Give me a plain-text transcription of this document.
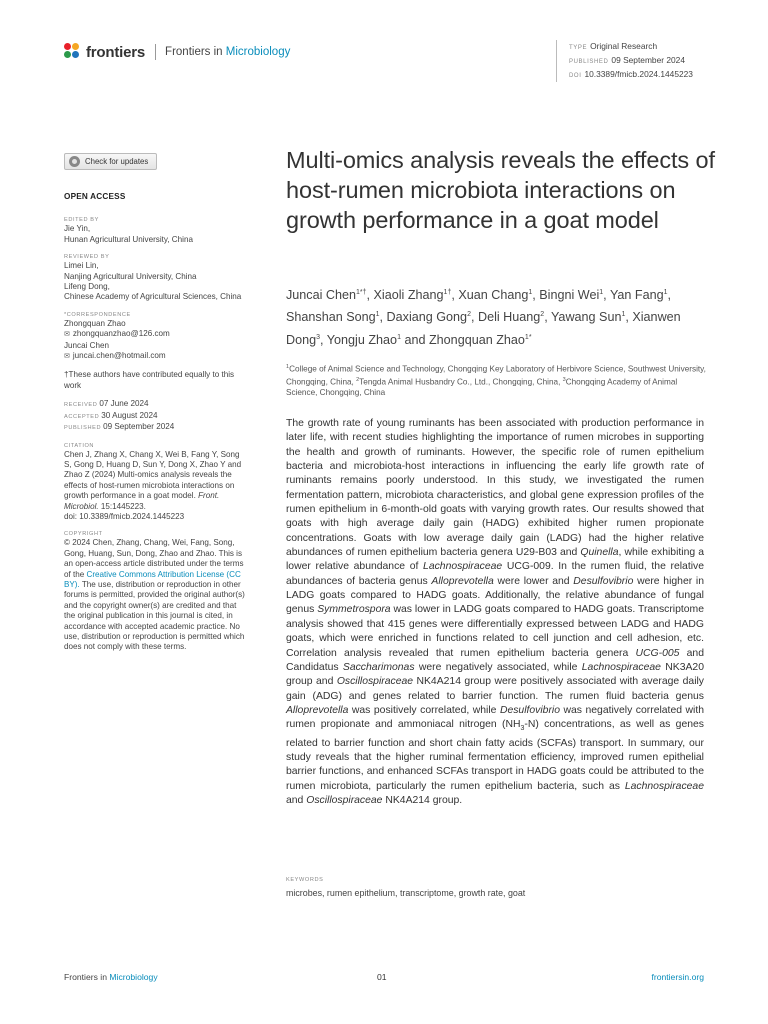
frontiers Frontiers in Microbiology	TYPE Original Research
PUBLISHED 09 September 2024
DOI 10.3389/fmicb.2024.1445223
Check for updates
OPEN ACCESS
EDITED BY
Jie Yin,
Hunan Agricultural University, China
REVIEWED BY
Limei Lin,
Nanjing Agricultural University, China
Lifeng Dong,
Chinese Academy of Agricultural Sciences, China
*CORRESPONDENCE
Zhongquan Zhao
✉ zhongquanzhao@126.com
Juncai Chen
✉ juncai.chen@hotmail.com
†These authors have contributed equally to this work
RECEIVED 07 June 2024
ACCEPTED 30 August 2024
PUBLISHED 09 September 2024
CITATION
Chen J, Zhang X, Chang X, Wei B, Fang Y, Song S, Gong D, Huang D, Sun Y, Dong X, Zhao Y and Zhao Z (2024) Multi-omics analysis reveals the effects of host-rumen microbiota interactions on growth performance in a goat model. Front. Microbiol. 15:1445223.
doi: 10.3389/fmicb.2024.1445223
COPYRIGHT
© 2024 Chen, Zhang, Chang, Wei, Fang, Song, Gong, Huang, Sun, Dong, Zhao and Zhao. This is an open-access article distributed under the terms of the Creative Commons Attribution License (CC BY). The use, distribution or reproduction in other forums is permitted, provided the original author(s) and the copyright owner(s) are credited and that the original publication in this journal is cited, in accordance with accepted academic practice. No use, distribution or reproduction is permitted which does not comply with these terms.
Multi-omics analysis reveals the effects of host-rumen microbiota interactions on growth performance in a goat model
Juncai Chen$^{1*\dagger}$, Xiaoli Zhang$^{1\dagger}$, Xuan Chang$^1$, Bingni Wei$^1$, Yan Fang$^1$, Shanshan Song$^1$, Daxiang Gong$^2$, Deli Huang$^2$, Yawang Sun$^1$, Xianwen Dong$^3$, Yongju Zhao$^1$ and Zhongquan Zhao$^{1*}$
$^1$College of Animal Science and Technology, Chongqing Key Laboratory of Herbivore Science, Southwest University, Chongqing, China, $^2$Tengda Animal Husbandry Co., Ltd., Chongqing, China, $^3$Chongqing Academy of Animal Science, Chongqing, China

The growth rate of young ruminants has been associated with production performance in later life, with recent studies highlighting the importance of rumen microbes in supporting the health and growth of ruminants. However, the specific role of rumen epithelium bacteria and microbiota-host interactions in influencing the early life growth rate of ruminants remains poorly understood. In this study, we investigated the rumen fermentation pattern, microbiota characteristics, and global gene expression profiles of the rumen epithelium in 6-month-old goats with varying growth rates. Our results showed that goats with high average daily gain (HADG) exhibited higher rumen propionate concentrations. Goats with low average daily gain (LADG) had the higher relative abundances of rumen epithelium bacteria genera U29-B03 and Quinella, while exhibiting a lower relative abundance of Lachnospiraceae UCG-009. In the rumen fluid, the relative abundances of bacteria genus Alloprevotella were lower and Desulfovibrio were higher in LADG goats compared to HADG goats. Additionally, the relative abundance of fungal genus Symmetrospora was lower in LADG goats compared to HADG goats. Transcriptome analysis showed that 415 genes were differentially expressed between LADG and HADG goats, which were enriched in functions related to cell junction and cell adhesion, etc. Correlation analysis revealed that rumen epithelium bacteria genera UCG-005 and Candidatus Saccharimonas were negatively associated, while Lachnospiraceae NK3A20 group and Oscillospiraceae NK4A214 group were positively associated with average daily gain (ADG) and genes related to barrier function. The rumen fluid bacteria genus Alloprevotella was positively correlated, while Desulfovibrio was negatively correlated with rumen propionate and ammoniacal nitrogen $(NH_3-N)$ concentrations, as well as genes related to barrier function and short chain fatty acids (SCFAs) transport. In summary, our study reveals that the higher ruminal fermentation efficiency, improved rumen epithelial barrier functions, and enhanced SCFAs transport in HADG goats could be attributed to the rumen microbiota, particularly the rumen epithelium bacteria, such as Lachnospiraceae and Oscillospiraceae NK4A214 group.

KEYWORDS
microbes, rumen epithelium, transcriptome, growth rate, goat
Frontiers in Microbiology	01	frontiersin.org
